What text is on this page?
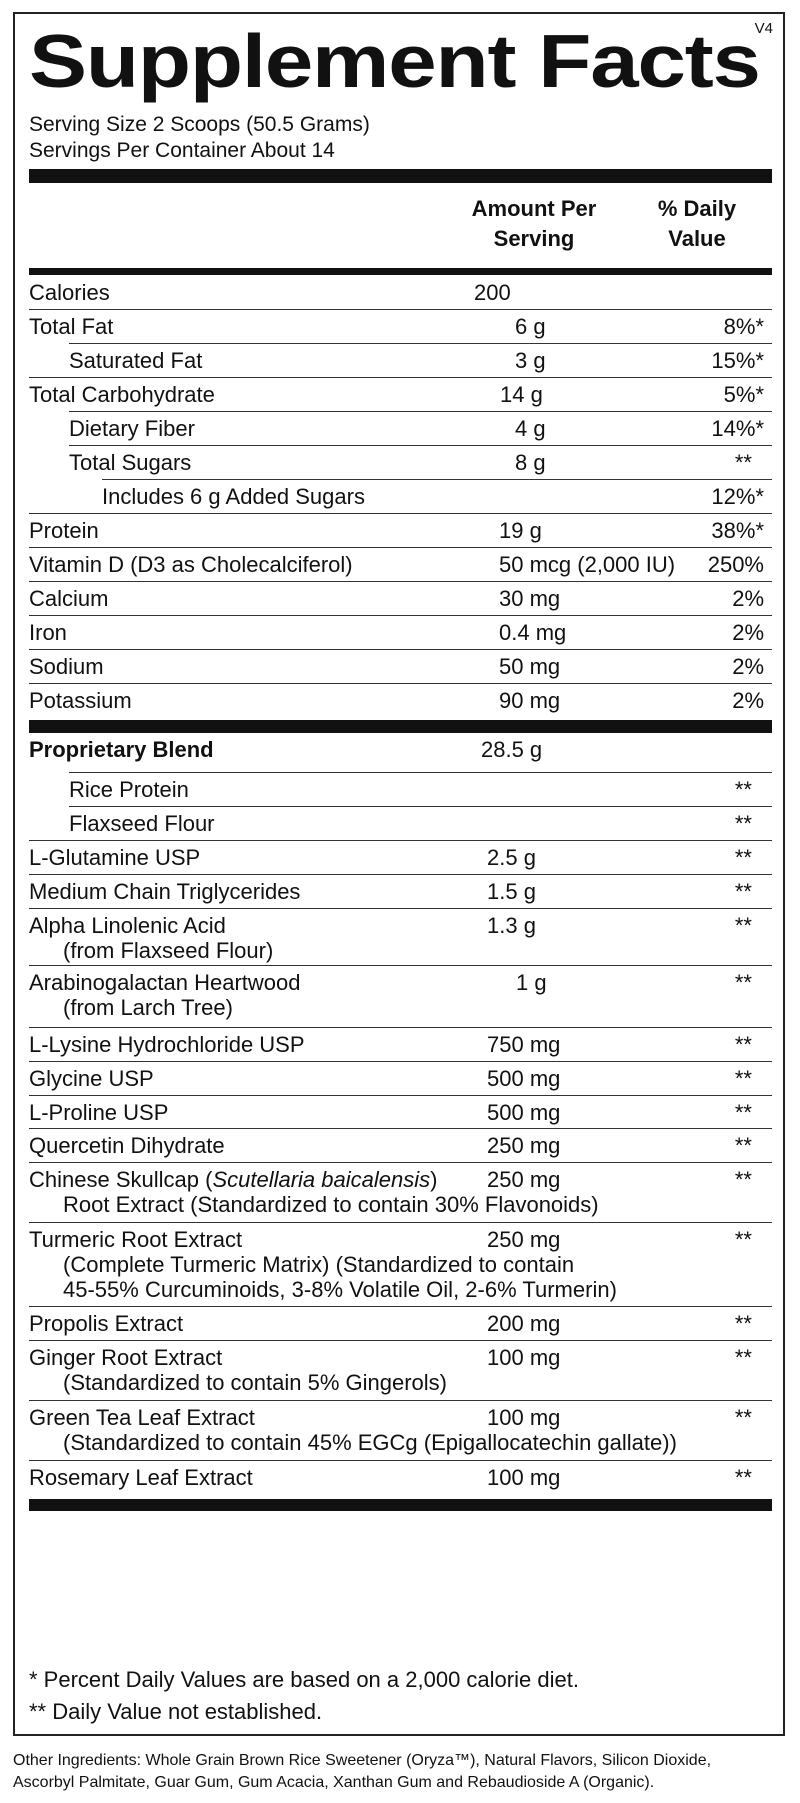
V4
Supplement Facts
Serving Size 2 Scoops (50.5 Grams)
Servings Per Container About 14
Amount Per
Serving
% Daily
Value
Calories	200
Total Fat	6 g	8%*
Saturated Fat	3 g	15%*
Total Carbohydrate	14 g	5%*
Dietary Fiber	4 g	14%*
Total Sugars	8 g	**
Includes 6 g Added Sugars	12%*
Protein	19 g	38%*
Vitamin D (D3 as Cholecalciferol)	50 mcg (2,000 IU) 250%
Calcium	30 mg	2%
Iron	0.4 mg	2%
Sodium	50 mg	2%
Potassium	90 mg	2%
Proprietary Blend	28.5 g
Rice Protein	**
Flaxseed Flour	**
L-Glutamine USP	2.5 g	**
Medium Chain Triglycerides	1.5 g	**
Alpha Linolenic Acid
(from Flaxseed Flour)
1.3 g	**
Arabinogalactan Heartwood
(from Larch Tree)
1 g	**
L-Lysine Hydrochloride USP	750 mg	**
Glycine USP	500 mg	**
L-Proline USP	500 mg	**
Quercetin Dihydrate	250 mg	**
Chinese Skullcap (Scutellaria baicalensis)
Root Extract (Standardized to contain 30% Flavonoids)
250 mg	**
Turmeric Root Extract
(Complete Turmeric Matrix) (Standardized to contain
45-55% Curcuminoids, 3-8% Volatile Oil, 2-6% Turmerin)
250 mg	**
Propolis Extract	200 mg	**
Ginger Root Extract
(Standardized to contain 5% Gingerols)
100 mg	**
Green Tea Leaf Extract
(Standardized to contain 45% EGCg (Epigallocatechin gallate))
100 mg	**
Rosemary Leaf Extract	100 mg	**
* Percent Daily Values are based on a 2,000 calorie diet.
** Daily Value not established.
Other Ingredients: Whole Grain Brown Rice Sweetener (Oryza™), Natural Flavors, Silicon Dioxide,
Ascorbyl Palmitate, Guar Gum, Gum Acacia, Xanthan Gum and Rebaudioside A (Organic).
